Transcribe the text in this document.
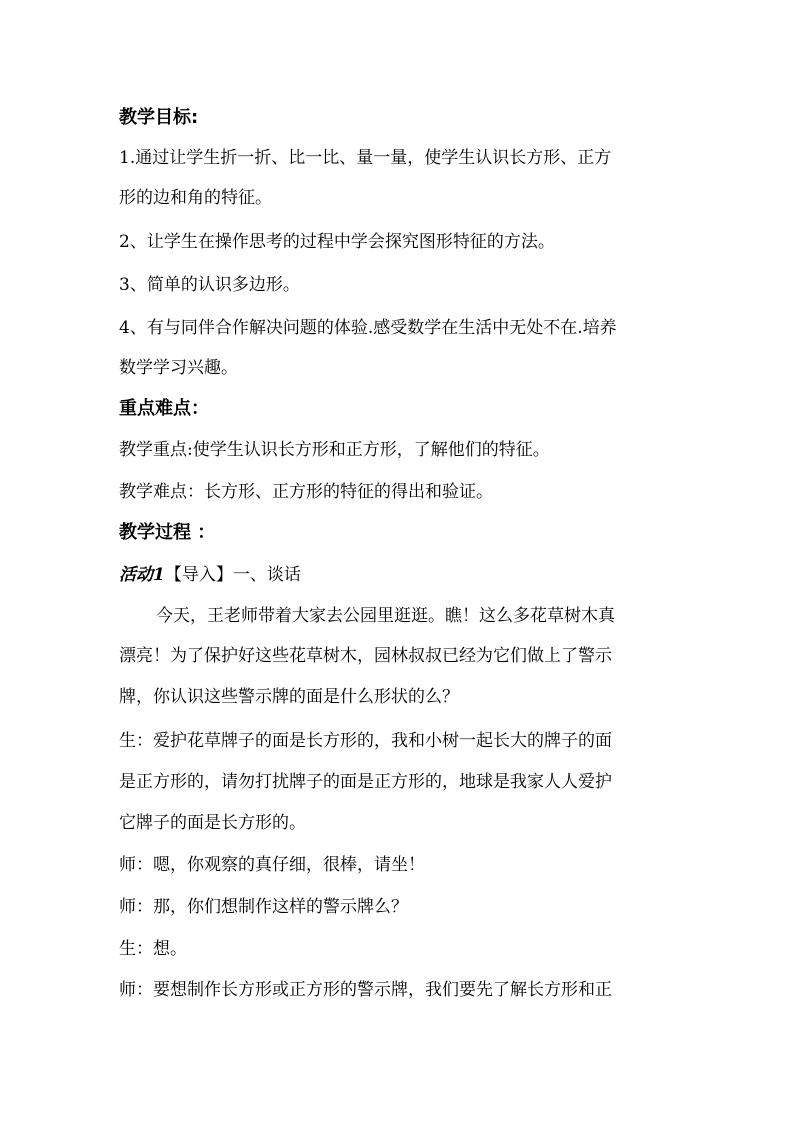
教学目标:
1.通过让学生折一折、比一比、量一量，使学生认识长方形、正方
形的边和角的特征。
2、让学生在操作思考的过程中学会探究图形特征的方法。
3、简单的认识多边形。
4、有与同伴合作解决问题的体验.感受数学在生活中无处不在.培养
数学学习兴趣。
重点难点：
教学重点:使学生认识长方形和正方形，了解他们的特征。
教学难点：长方形、正方形的特征的得出和验证。
教学过程 ：
活动1【导入】一、谈话
今天，王老师带着大家去公园里逛逛。瞧！这么多花草树木真
漂亮！为了保护好这些花草树木，园林叔叔已经为它们做上了警示
牌，你认识这些警示牌的面是什么形状的么？
生：爱护花草牌子的面是长方形的，我和小树一起长大的牌子的面
是正方形的，请勿打扰牌子的面是正方形的，地球是我家人人爱护
它牌子的面是长方形的。
师：嗯，你观察的真仔细，很棒，请坐！
师：那，你们想制作这样的警示牌么？
生：想。
师：要想制作长方形或正方形的警示牌，我们要先了解长方形和正
